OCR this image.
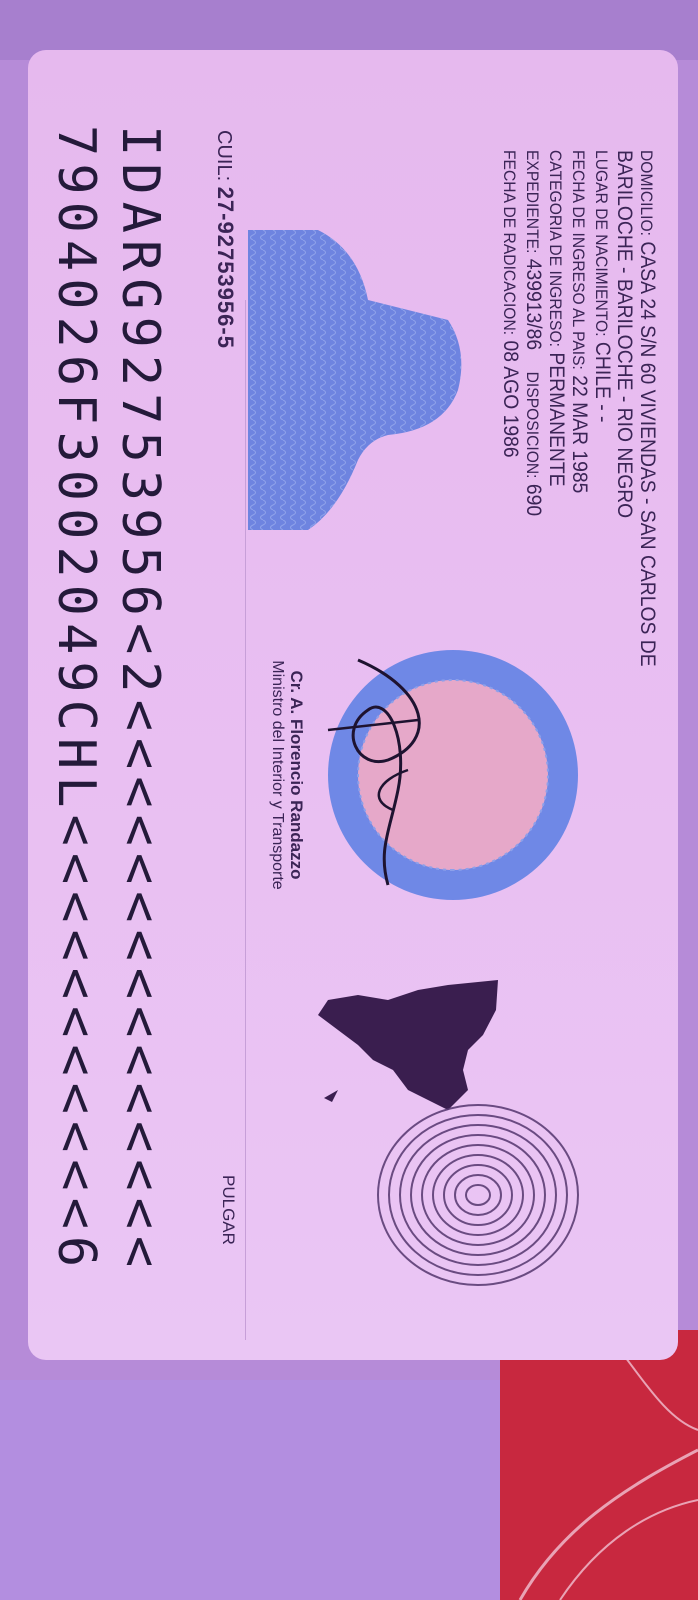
DOMICILIO: CASA 24 S/N 60 VIVIENDAS - SAN CARLOS DE
BARILOCHE - BARILOCHE - RIO NEGRO
LUGAR DE NACIMIENTO: CHILE - -
FECHA DE INGRESO AL PAIS: 22 MAR 1985
CATEGORIA DE INGRESO: PERMANENTE
EXPEDIENTE: 439913/86    DISPOSICION: 690
FECHA DE RADICACION: 08 AGO 1986
Cr. A. Florencio Randazzo
Ministro del Interior y Transporte
CUIL: 27-92753956-5
PULGAR
IDARG92753956<2<<<<<<<<<<<<<<<
7904026F3002049CHL<<<<<<<<<<<6
